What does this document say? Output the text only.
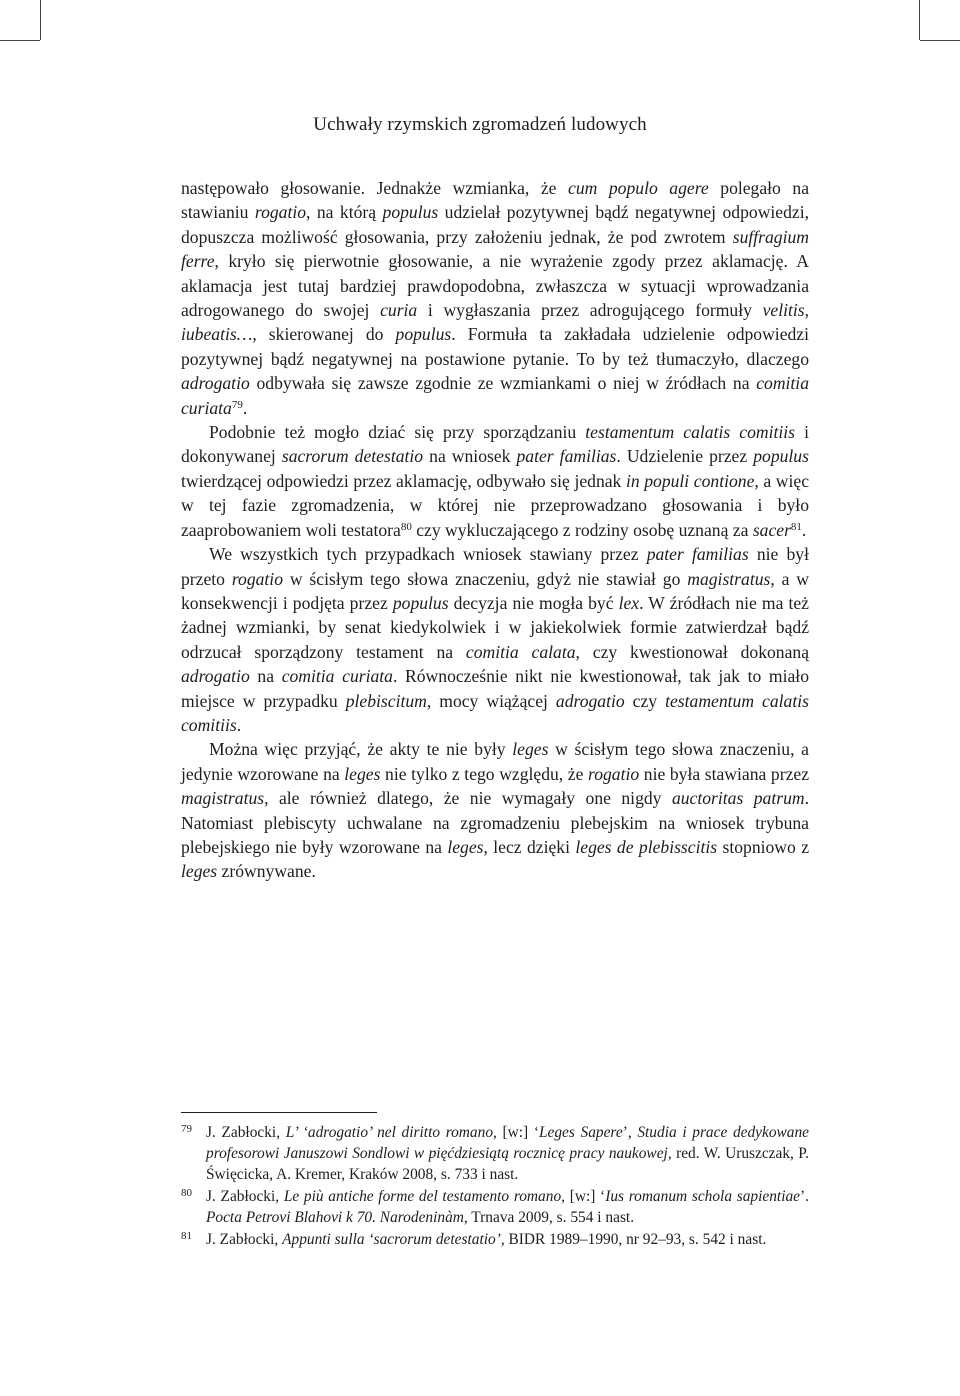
Uchwały rzymskich zgromadzeń ludowych

następowało głosowanie. Jednakże wzmianka, że cum populo agere polegało na stawianiu rogatio, na którą populus udzielał pozytywnej bądź negatywnej odpowiedzi, dopuszcza możliwość głosowania, przy założeniu jednak, że pod zwrotem suffragium ferre, kryło się pierwotnie głosowanie, a nie wyrażenie zgody przez aklamację. A aklamacja jest tutaj bardziej prawdopodobna, zwłaszcza w sytuacji wprowadzania adrogowanego do swojej curia i wygłaszania przez adrogującego formuły velitis, iubeatis…, skierowanej do populus. Formuła ta zakładała udzielenie odpowiedzi pozytywnej bądź negatywnej na postawione pytanie. To by też tłumaczyło, dlaczego adrogatio odbywała się zawsze zgodnie ze wzmiankami o niej w źródłach na comitia curiata$^{79}$.

Podobnie też mogło dziać się przy sporządzaniu testamentum calatis comitiis i dokonywanej sacrorum detestatio na wniosek pater familias. Udzielenie przez populus twierdzącej odpowiedzi przez aklamację, odbywało się jednak in populi contione, a więc w tej fazie zgromadzenia, w której nie przeprowadzano głosowania i było zaaprobowaniem woli testatora$^{80}$ czy wykluczającego z rodziny osobę uznaną za sacer$^{81}$.

We wszystkich tych przypadkach wniosek stawiany przez pater familias nie był przeto rogatio w ścisłym tego słowa znaczeniu, gdyż nie stawiał go magistratus, a w konsekwencji i podjęta przez populus decyzja nie mogła być lex. W źródłach nie ma też żadnej wzmianki, by senat kiedykolwiek i w jakiekolwiek formie zatwierdzał bądź odrzucał sporządzony testament na comitia calata, czy kwestionował dokonaną adrogatio na comitia curiata. Równocześnie nikt nie kwestionował, tak jak to miało miejsce w przypadku plebiscitum, mocy wiążącej adrogatio czy testamentum calatis comitiis.

Można więc przyjąć, że akty te nie były leges w ścisłym tego słowa znaczeniu, a jedynie wzorowane na leges nie tylko z tego względu, że rogatio nie była stawiana przez magistratus, ale również dlatego, że nie wymagały one nigdy auctoritas patrum. Natomiast plebiscyty uchwalane na zgromadzeniu plebejskim na wniosek trybuna plebejskiego nie były wzorowane na leges, lecz dzięki leges de plebisscitis stopniowo z leges zrównywane.

79 J. Zabłocki, L’ ‘adrogatio’ nel diritto romano, [w:] ‘Leges Sapere’, Studia i prace dedykowane profesorowi Januszowi Sondlowi w pięćdziesiątą rocznicę pracy naukowej, red. W. Uruszczak, P. Święcicka, A. Kremer, Kraków 2008, s. 733 i nast.
80 J. Zabłocki, Le più antiche forme del testamento romano, [w:] ‘Ius romanum schola sapientiae’. Pocta Petrovi Blahovi k 70. Narodeninàm, Trnava 2009, s. 554 i nast.
81 J. Zabłocki, Appunti sulla ‘sacrorum detestatio’, BIDR 1989–1990, nr 92–93, s. 542 i nast.
